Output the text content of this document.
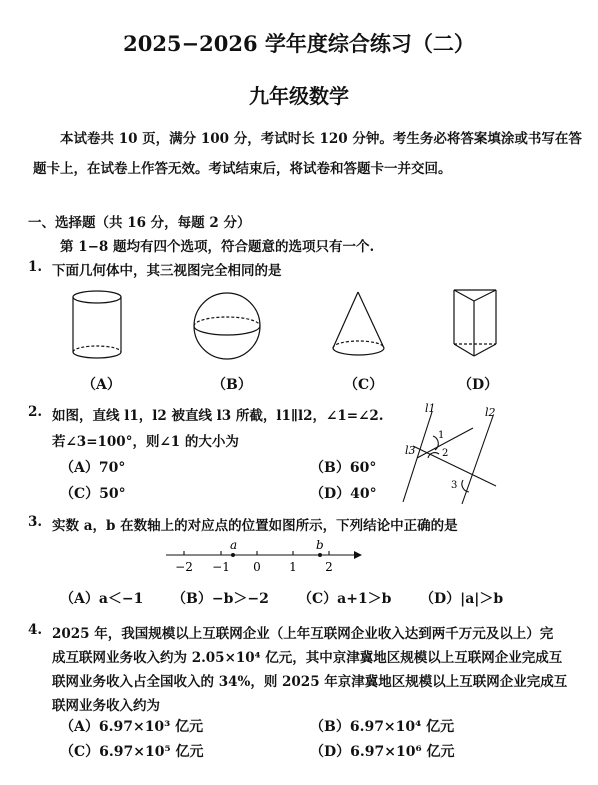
2025−2026 学年度综合练习（二）
九年级数学
本试卷共 10 页，满分 100 分，考试时长 120 分钟。考生务必将答案填涂或书写在答
题卡上，在试卷上作答无效。考试结束后，将试卷和答题卡一并交回。
一、选择题（共 16 分，每题 2 分）
第 1−8 题均有四个选项，符合题意的选项只有一个.
1. 下面几何体中，其三视图完全相同的是
（A）	（B）	（C）	（D）
2. 如图，直线 l1，l2 被直线 l3 所截，l1∥l2，∠1=∠2.
若∠3=100°，则∠1 的大小为
（A）70°	（B）60°
（C）50°	（D）40°
l1	l2
l3
1
2
3
3. 实数 a，b 在数轴上的对应点的位置如图所示，下列结论中正确的是
a	b
−2 −1 0 1 2
（A）a＜−1 （B）−b＞−2 （C）a+1＞b （D）|a|＞b
4. 2025 年，我国规模以上互联网企业（上年互联网企业收入达到两千万元及以上）完
成互联网业务收入约为 2.05×10⁴ 亿元，其中京津冀地区规模以上互联网企业完成互
联网业务收入占全国收入的 34%，则 2025 年京津冀地区规模以上互联网企业完成互
联网业务收入约为
（A）6.97×10³ 亿元	（B）6.97×10⁴ 亿元
（C）6.97×10⁵ 亿元	（D）6.97×10⁶ 亿元
